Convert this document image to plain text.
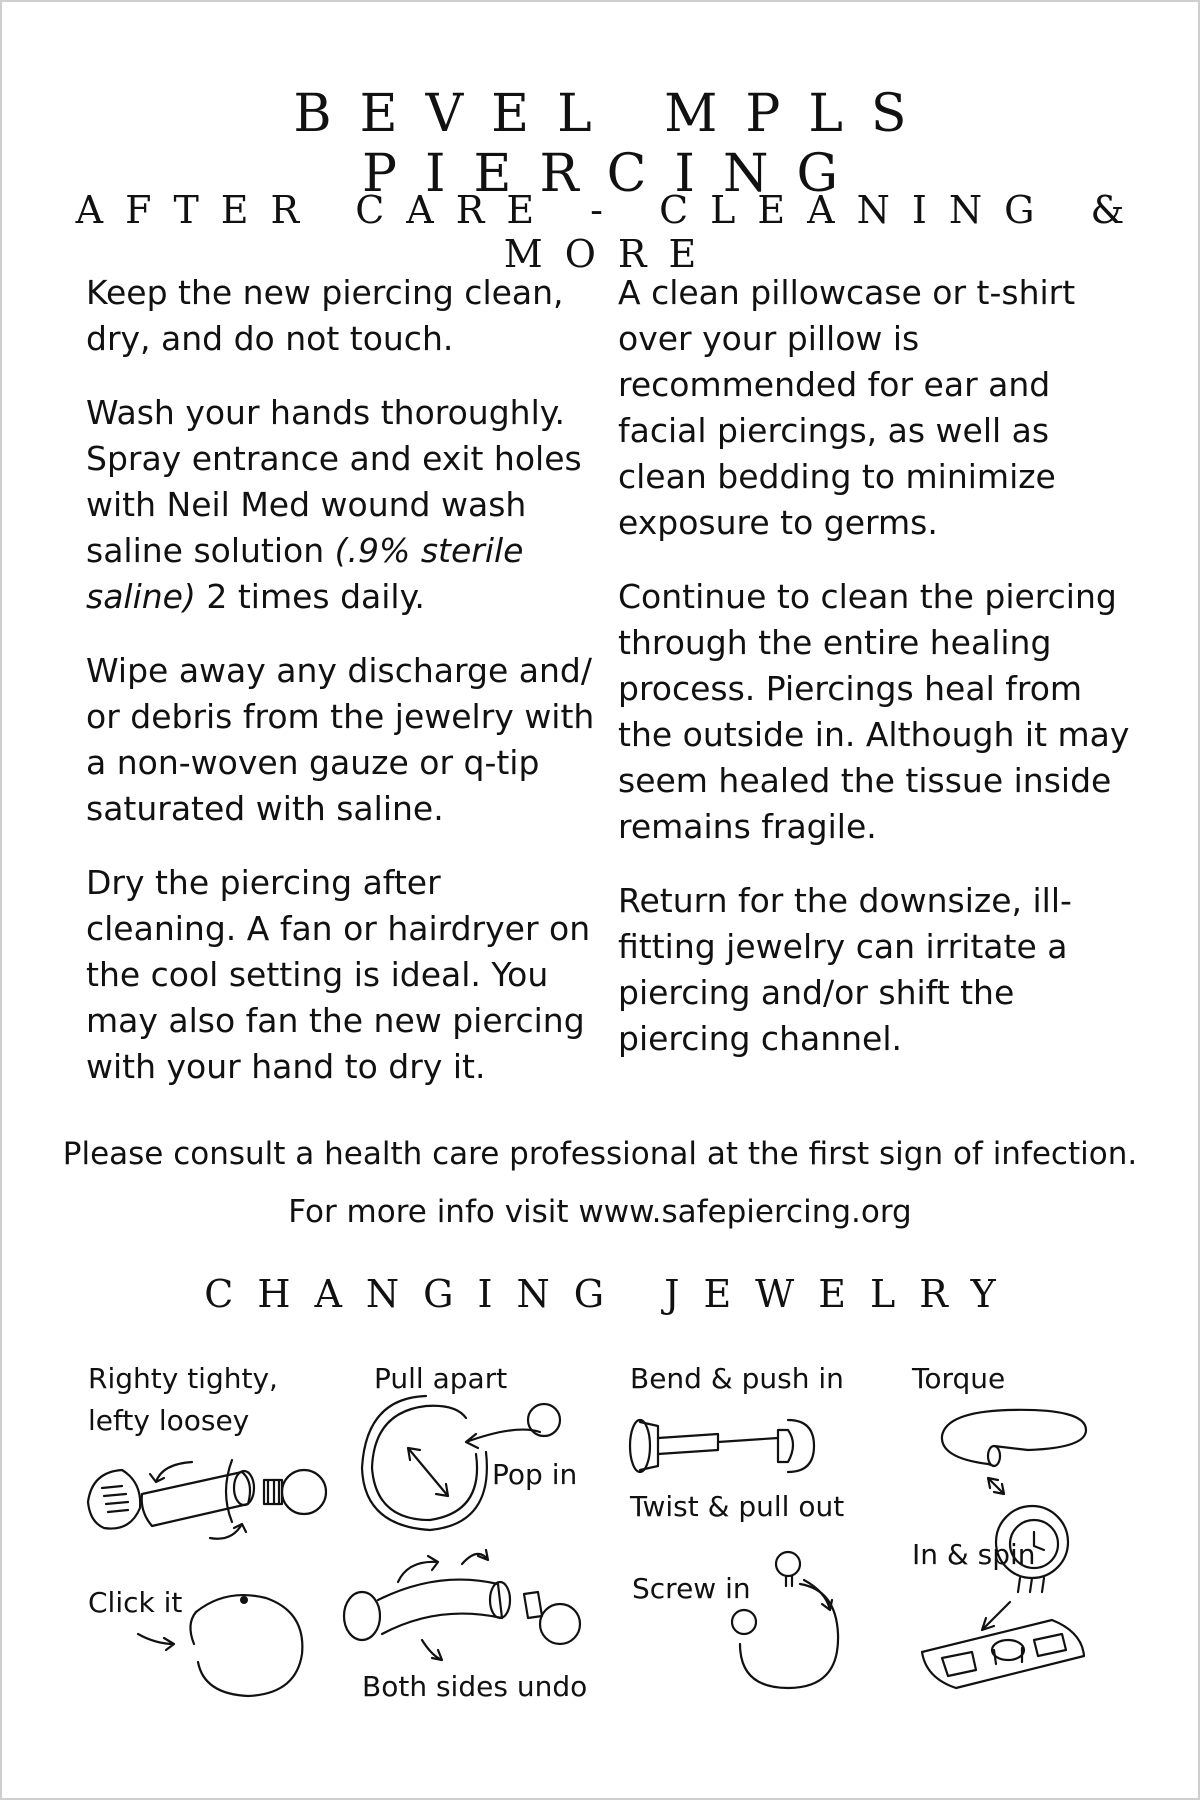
BEVEL MPLS PIERCING
AFTER CARE - CLEANING & MORE

Keep the new piercing clean, dry, and do not touch.

Wash your hands thoroughly. Spray entrance and exit holes with Neil Med wound wash saline solution (.9% sterile saline) 2 times daily.

Wipe away any discharge and/ or debris from the jewelry with a non-woven gauze or q-tip saturated with saline.

Dry the piercing after cleaning. A fan or hairdryer on the cool setting is ideal. You may also fan the new piercing with your hand to dry it.

A clean pillowcase or t-shirt over your pillow is recommended for ear and facial piercings, as well as clean bedding to minimize exposure to germs.

Continue to clean the piercing through the entire healing process. Piercings heal from the outside in. Although it may seem healed the tissue inside remains fragile.

Return for the downsize, ill-fitting jewelry can irritate a piercing and/or shift the piercing channel.

Please consult a health care professional at the first sign of infection.
For more info visit www.safepiercing.org
CHANGING JEWELRY
Righty tighty,
lefty loosey
Pull apart
Pop in
Bend & push in
Twist & pull out
Torque
In & spin
Click it
Both sides undo
Screw in
